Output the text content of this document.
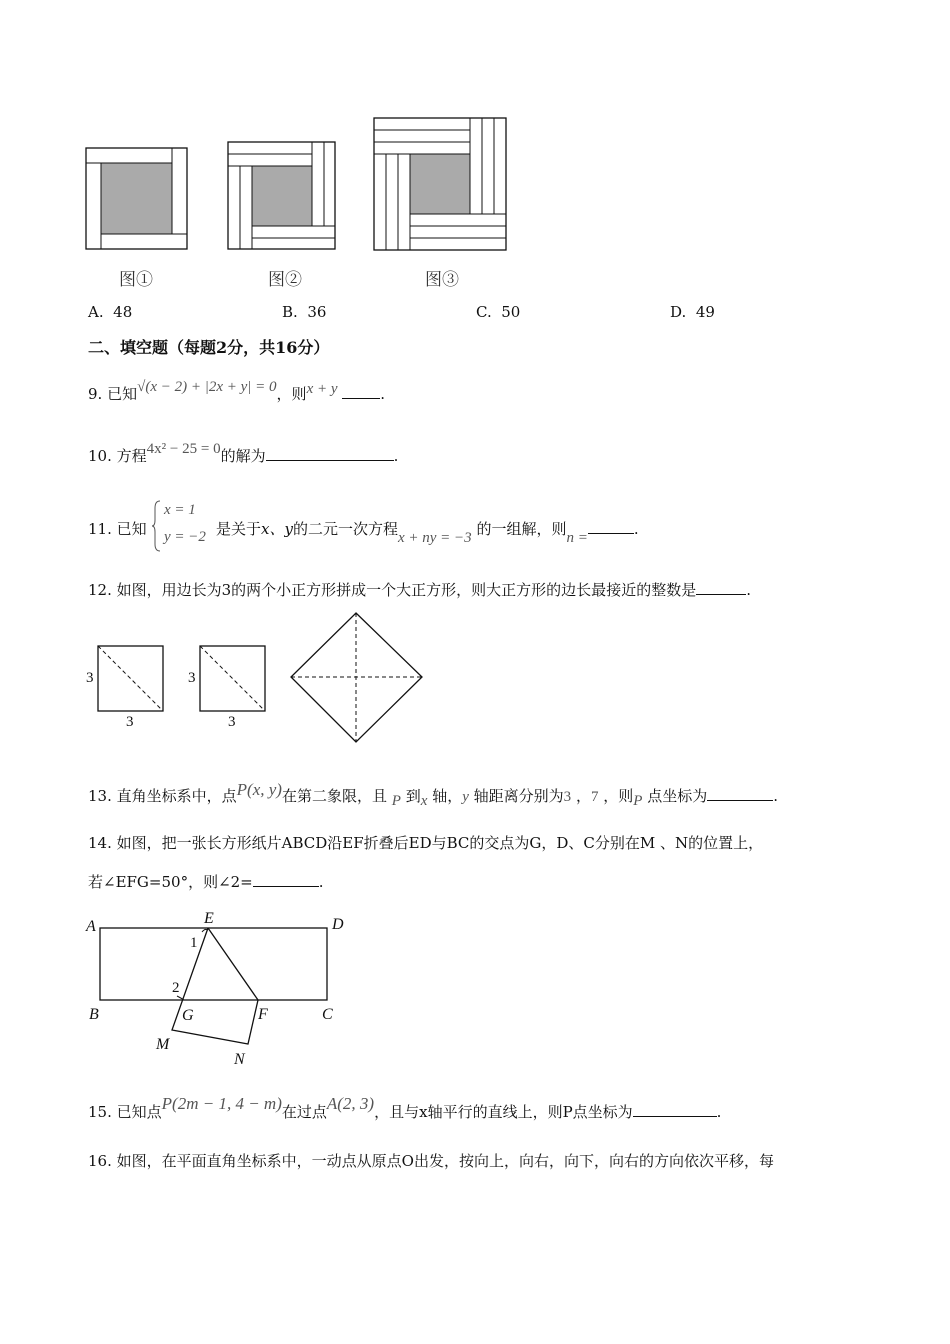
图①	图②	图③
A. 48	B. 36	C. 50	D. 49
二、填空题（每题2分，共16分）
9. 已知√(x − 2) + |2x + y| = 0，则x + y	.
10. 方程4x² − 25 = 0的解为	.
11. 已知
x = 1
y = −2 是关于x、y的二元一次方程x + ny = −3 的一组解，则n =	.
12. 如图，用边长为3的两个小正方形拼成一个大正方形，则大正方形的边长最接近的整数是	.
3
3
3
3
13. 直角坐标系中，点P(x, y)在第二象限，且 P 到x 轴，y 轴距离分别为3 ，7 ，则P 点坐标为	.
14. 如图，把一张长方形纸片ABCD沿EF折叠后ED与BC的交点为G，D、C分别在M 、N的位置上，
若∠EFG=50°，则∠2=	.
A	E	D
B	G	F	C
M
N
1
2
15. 已知点P(2m − 1, 4 − m)在过点A(2, 3)，且与x轴平行的直线上，则P点坐标为	.
16. 如图，在平面直角坐标系中，一动点从原点O出发，按向上，向右，向下，向右的方向依次平移，每
